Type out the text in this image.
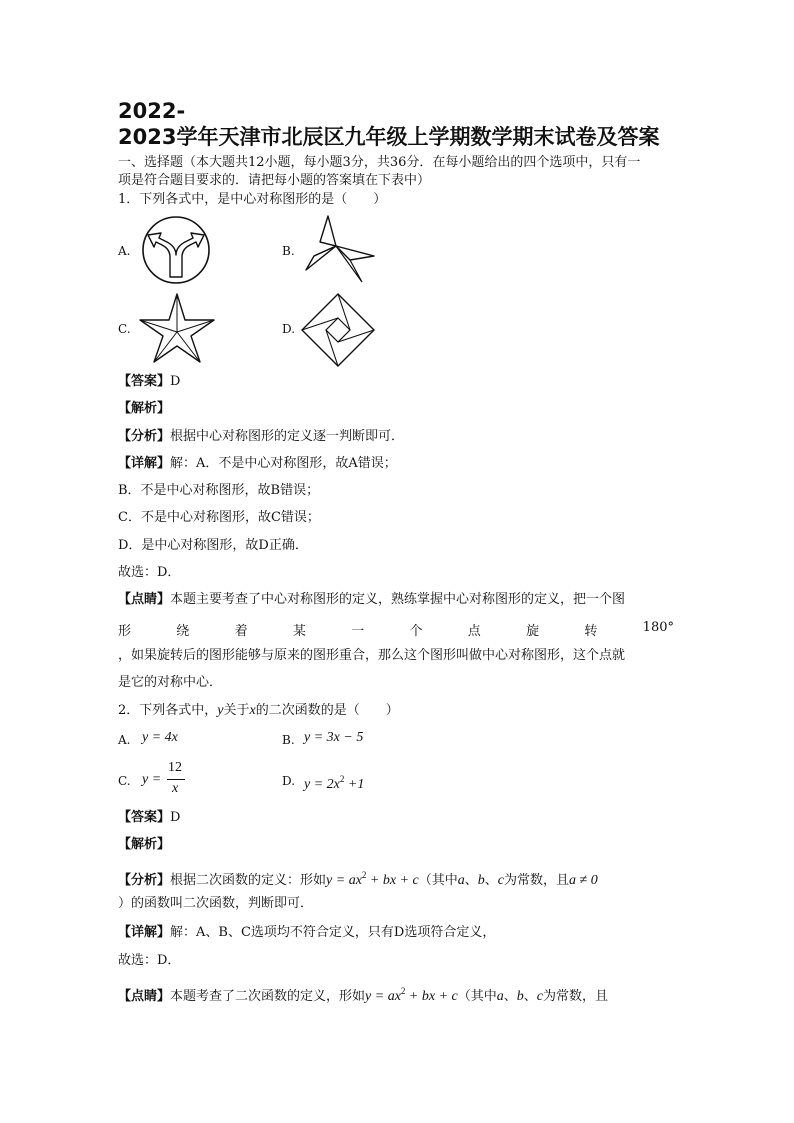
2022-
2023学年天津市北辰区九年级上学期数学期末试卷及答案
一、选择题（本大题共12小题，每小题3分，共36分．在每小题给出的四个选项中，只有一
项是符合题目要求的．请把每小题的答案填在下表中）
1．下列各式中，是中心对称图形的是（　　）
A.	B.
C.	D.
【答案】D
【解析】
【分析】根据中心对称图形的定义逐一判断即可．
【详解】解：A．不是中心对称图形，故A错误；
B．不是中心对称图形，故B错误；
C．不是中心对称图形，故C错误；
D．是中心对称图形，故D正确．
故选：D．
【点睛】本题主要考查了中心对称图形的定义，熟练掌握中心对称图形的定义，把一个图
形	绕	着	某	一	个	点	旋	转	180°
，如果旋转后的图形能够与原来的图形重合，那么这个图形叫做中心对称图形，这个点就
是它的对称中心．
2．下列各式中，y关于x的二次函数的是（　　）
A. y = 4x	B. y = 3x − 5
C. y =
12
x	D. $y = 2x^2 +1$
【答案】D
【解析】
【分析】根据二次函数的定义：形如$y = ax^2$ + bx + c（其中a、b、c为常数，且a ≠ 0
）的函数叫二次函数，判断即可．
【详解】解：A、B、C选项均不符合定义，只有D选项符合定义，
故选：D．
【点睛】本题考查了二次函数的定义，形如$y = ax^2$ + bx + c（其中a、b、c为常数，且
